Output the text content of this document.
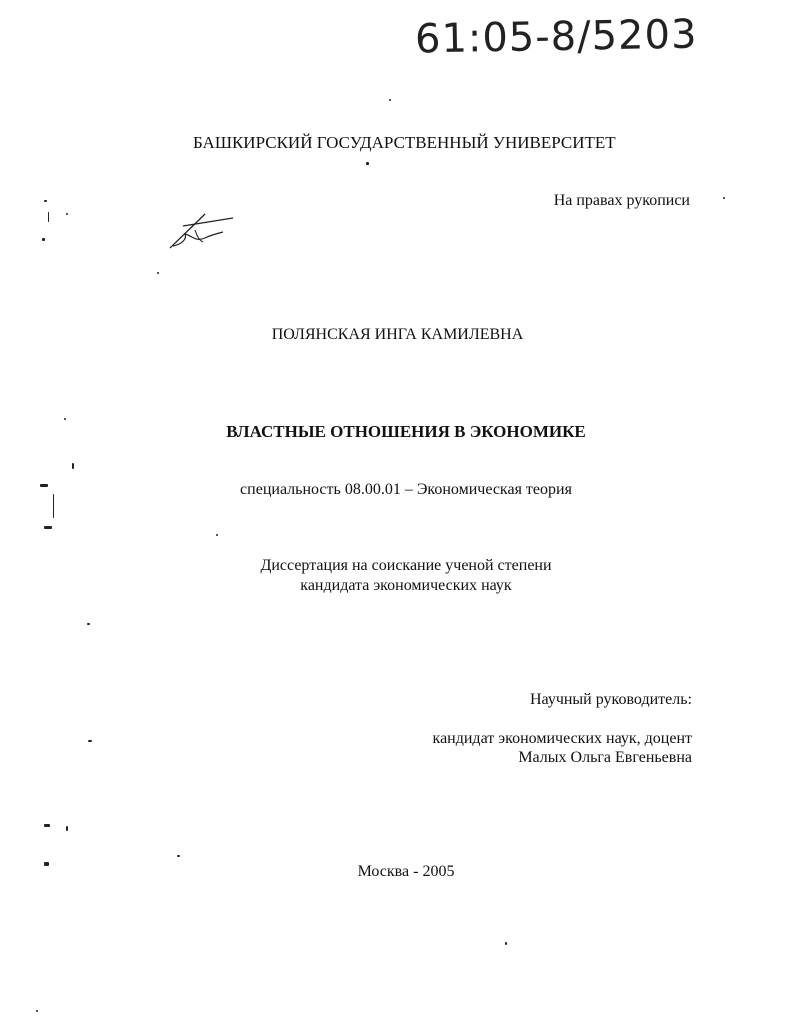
61:05-8/5203
БАШКИРСКИЙ ГОСУДАРСТВЕННЫЙ УНИВЕРСИТЕТ
На правах рукописи
ПОЛЯНСКАЯ ИНГА КАМИЛЕВНА
ВЛАСТНЫЕ ОТНОШЕНИЯ В ЭКОНОМИКЕ
специальность 08.00.01 – Экономическая теория
Диссертация на соискание ученой степени
кандидата экономических наук
Научный руководитель:
кандидат экономических наук, доцент
Малых Ольга Евгеньевна
Москва - 2005
